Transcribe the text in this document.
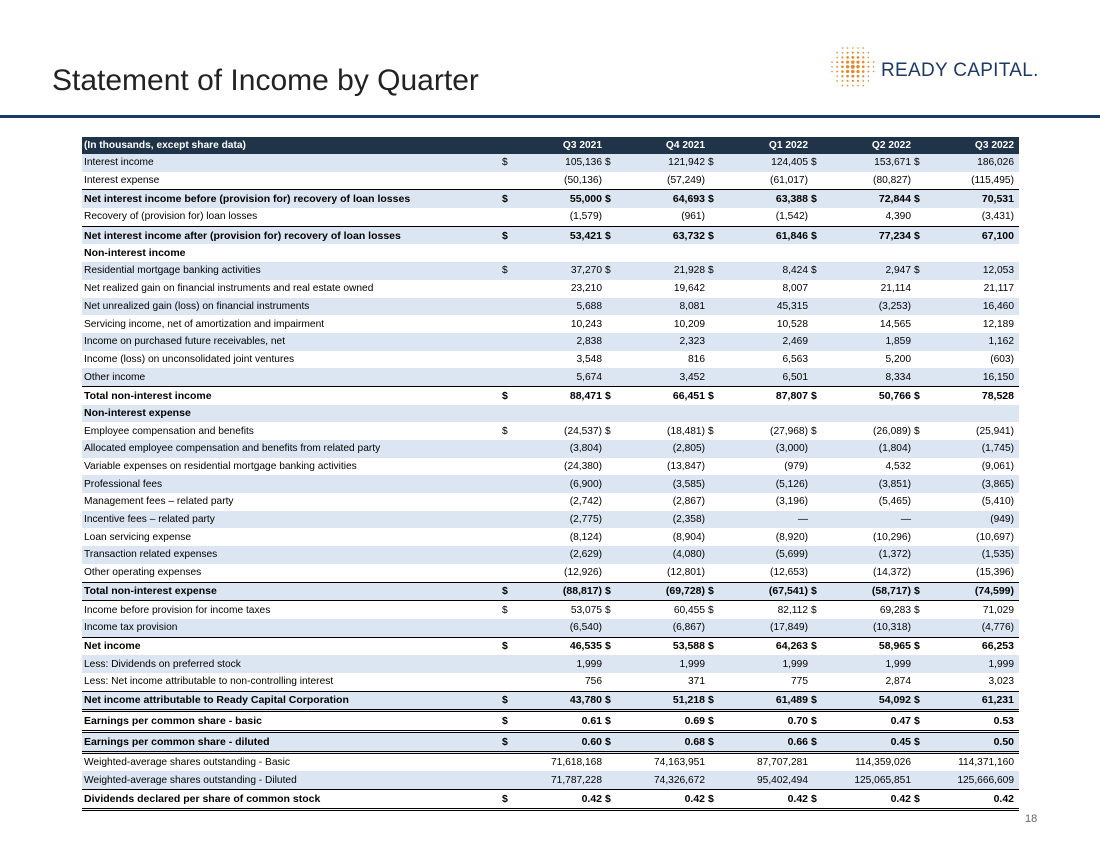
Statement of Income by Quarter	READY CAPITAL.
(In thousands, except share data)	Q3 2021	Q4 2021	Q1 2022	Q2 2022	Q3 2022
Interest income	$	105,136 $	121,942 $	124,405 $	153,671 $	186,026
Interest expense	(50,136)	(57,249)	(61,017)	(80,827)	(115,495)
Net interest income before (provision for) recovery of loan losses	$	55,000 $	64,693 $	63,388 $	72,844 $	70,531
Recovery of (provision for) loan losses	(1,579)	(961)	(1,542)	4,390	(3,431)
Net interest income after (provision for) recovery of loan losses	$	53,421 $	63,732 $	61,846 $	77,234 $	67,100
Non-interest income
Residential mortgage banking activities	$	37,270 $	21,928 $	8,424 $	2,947 $	12,053
Net realized gain on financial instruments and real estate owned	23,210	19,642	8,007	21,114	21,117
Net unrealized gain (loss) on financial instruments	5,688	8,081	45,315	(3,253)	16,460
Servicing income, net of amortization and impairment	10,243	10,209	10,528	14,565	12,189
Income on purchased future receivables, net	2,838	2,323	2,469	1,859	1,162
Income (loss) on unconsolidated joint ventures	3,548	816	6,563	5,200	(603)
Other income	5,674	3,452	6,501	8,334	16,150
Total non-interest income	$	88,471 $	66,451 $	87,807 $	50,766 $	78,528
Non-interest expense
Employee compensation and benefits	$	(24,537) $	(18,481) $	(27,968) $	(26,089) $	(25,941)
Allocated employee compensation and benefits from related party	(3,804)	(2,805)	(3,000)	(1,804)	(1,745)
Variable expenses on residential mortgage banking activities	(24,380)	(13,847)	(979)	4,532	(9,061)
Professional fees	(6,900)	(3,585)	(5,126)	(3,851)	(3,865)
Management fees – related party	(2,742)	(2,867)	(3,196)	(5,465)	(5,410)
Incentive fees – related party	(2,775)	(2,358)	—	—	(949)
Loan servicing expense	(8,124)	(8,904)	(8,920)	(10,296)	(10,697)
Transaction related expenses	(2,629)	(4,080)	(5,699)	(1,372)	(1,535)
Other operating expenses	(12,926)	(12,801)	(12,653)	(14,372)	(15,396)
Total non-interest expense	$	(88,817) $	(69,728) $	(67,541) $	(58,717) $	(74,599)
Income before provision for income taxes	$	53,075 $	60,455 $	82,112 $	69,283 $	71,029
Income tax provision	(6,540)	(6,867)	(17,849)	(10,318)	(4,776)
Net income	$	46,535 $	53,588 $	64,263 $	58,965 $	66,253
Less: Dividends on preferred stock	1,999	1,999	1,999	1,999	1,999
Less: Net income attributable to non-controlling interest	756	371	775	2,874	3,023
Net income attributable to Ready Capital Corporation	$	43,780 $	51,218 $	61,489 $	54,092 $	61,231
Earnings per common share - basic	$	0.61 $	0.69 $	0.70 $	0.47 $	0.53
Earnings per common share - diluted	$	0.60 $	0.68 $	0.66 $	0.45 $	0.50
Weighted-average shares outstanding - Basic	71,618,168	74,163,951	87,707,281	114,359,026	114,371,160
Weighted-average shares outstanding - Diluted	71,787,228	74,326,672	95,402,494	125,065,851	125,666,609
Dividends declared per share of common stock	$	0.42 $	0.42 $	0.42 $	0.42 $	0.42
18
